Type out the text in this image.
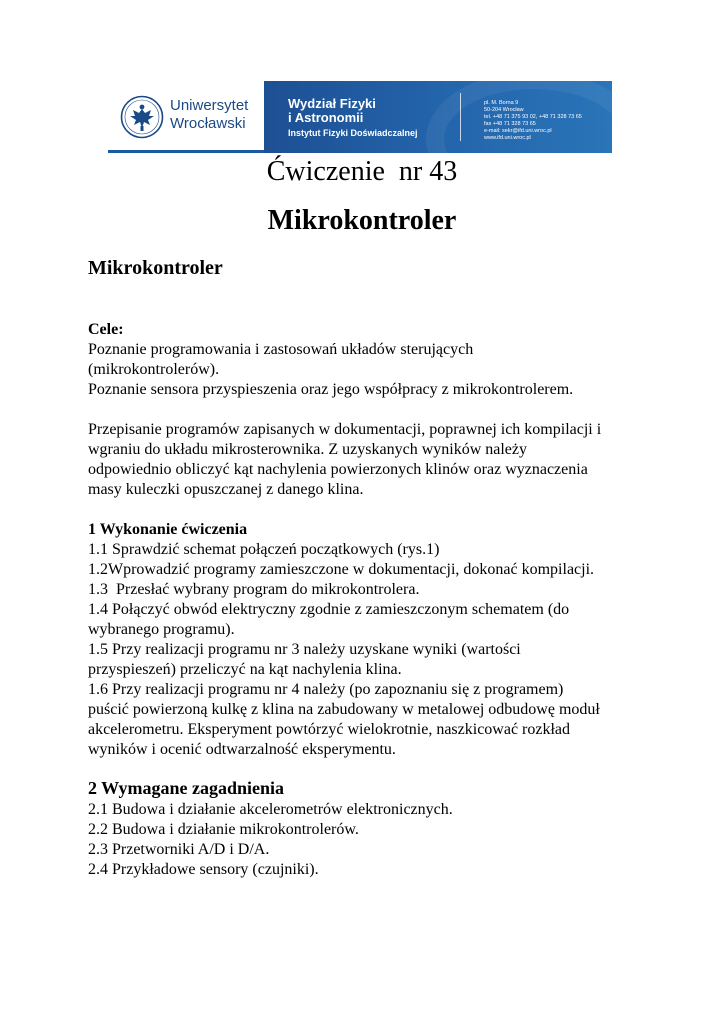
Uniwersytet
Wrocławski
Wydział Fizyki
i Astronomii
Instytut Fizyki Doświadczalnej
pl. M. Borna 9
50-204 Wrocław
tel. +48 71 375 93 02, +48 71 328 73 65
fax +48 71 328 73 65
e-mail: sekr@ifd.uni.wroc.pl
www.ifd.uni.wroc.pl
Ćwiczenie  nr 43
Mikrokontroler
Mikrokontroler

Cele:

Poznanie programowania i zastosowań układów sterujących
(mikrokontrolerów).
Poznanie sensora przyspieszenia oraz jego współpracy z mikrokontrolerem.

Przepisanie programów zapisanych w dokumentacji, poprawnej ich kompilacji i
wgraniu do układu mikrosterownika. Z uzyskanych wyników należy
odpowiednio obliczyć kąt nachylenia powierzonych klinów oraz wyznaczenia
masy kuleczki opuszczanej z danego klina.

1 Wykonanie ćwiczenia

1.1 Sprawdzić schemat połączeń początkowych (rys.1)
1.2Wprowadzić programy zamieszczone w dokumentacji, dokonać kompilacji.
1.3  Przesłać wybrany program do mikrokontrolera.
1.4 Połączyć obwód elektryczny zgodnie z zamieszczonym schematem (do
wybranego programu).
1.5 Przy realizacji programu nr 3 należy uzyskane wyniki (wartości
przyspieszeń) przeliczyć na kąt nachylenia klina.
1.6 Przy realizacji programu nr 4 należy (po zapoznaniu się z programem)
puścić powierzoną kulkę z klina na zabudowany w metalowej odbudowę moduł
akcelerometru. Eksperyment powtórzyć wielokrotnie, naszkicować rozkład
wyników i ocenić odtwarzalność eksperymentu.

2 Wymagane zagadnienia

2.1 Budowa i działanie akcelerometrów elektronicznych.
2.2 Budowa i działanie mikrokontrolerów.
2.3 Przetworniki A/D i D/A.
2.4 Przykładowe sensory (czujniki).
